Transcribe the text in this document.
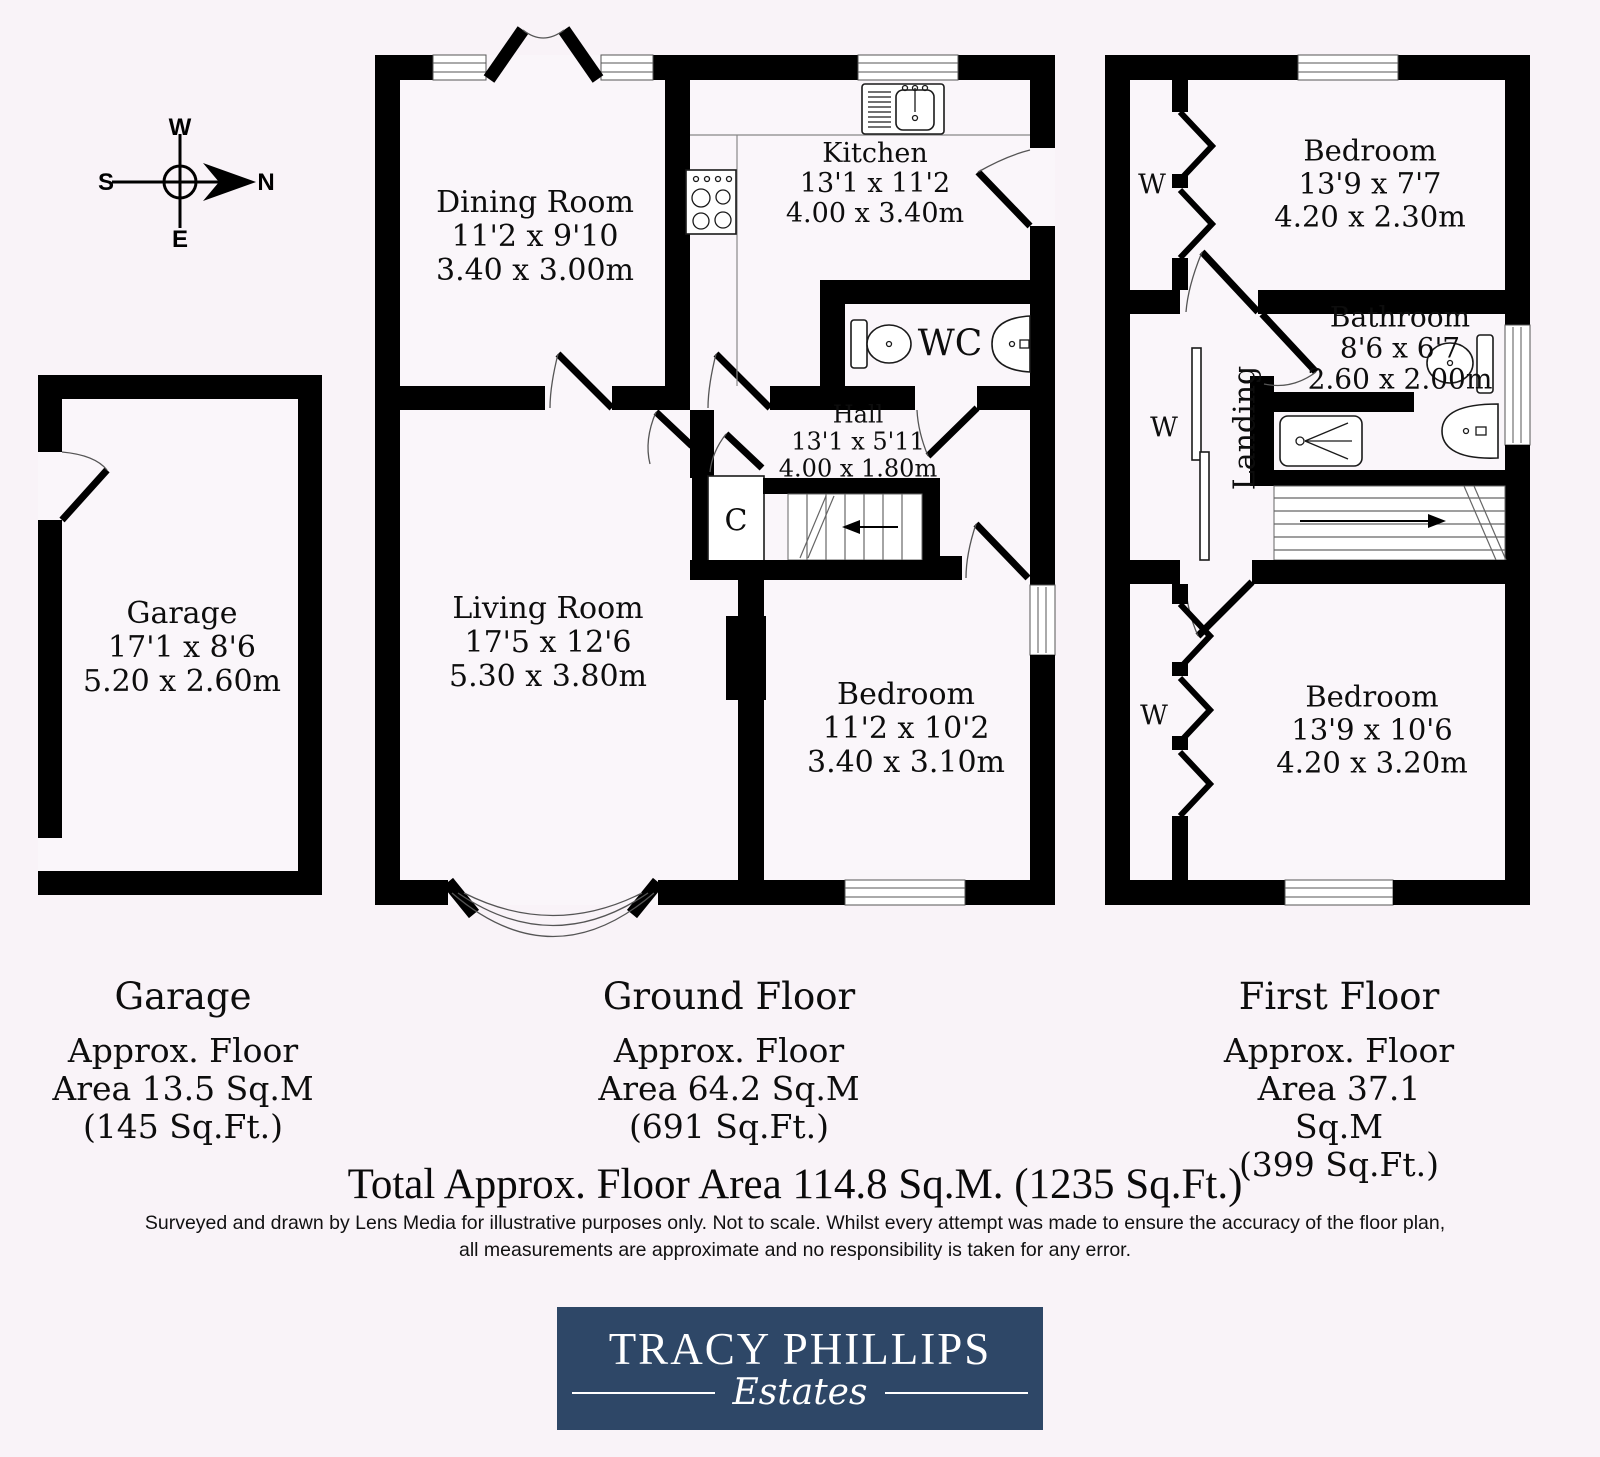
W
S	N
E
Garage
17'1 x 8'6
5.20 x 2.60m
Dining Room
11'2 x 9'10
3.40 x 3.00m
Kitchen
13'1 x 11'2
4.00 x 3.40m
WC
Hall
13'1 x 5'11
4.00 x 1.80m
C
Living Room
17'5 x 12'6
5.30 x 3.80m
Bedroom
11'2 x 10'2
3.40 x 3.10m
Bedroom
13'9 x 7'7
4.20 x 2.30m
Bathroom
8'6 x 6'7
2.60 x 2.00m
Landing
Bedroom
13'9 x 10'6
4.20 x 3.20m
W
W
W
Garage
Approx. Floor
Area 13.5 Sq.M
(145 Sq.Ft.)
Ground Floor
Approx. Floor
Area 64.2 Sq.M
(691 Sq.Ft.)
First Floor
Approx. Floor
Area 37.1 Sq.M
(399 Sq.Ft.)
Total Approx. Floor Area 114.8 Sq.M. (1235 Sq.Ft.)
Surveyed and drawn by Lens Media for illustrative purposes only. Not to scale. Whilst every attempt was made to ensure the accuracy of the floor plan,
all measurements are approximate and no responsibility is taken for any error.
TRACY PHILLIPS
Estates
